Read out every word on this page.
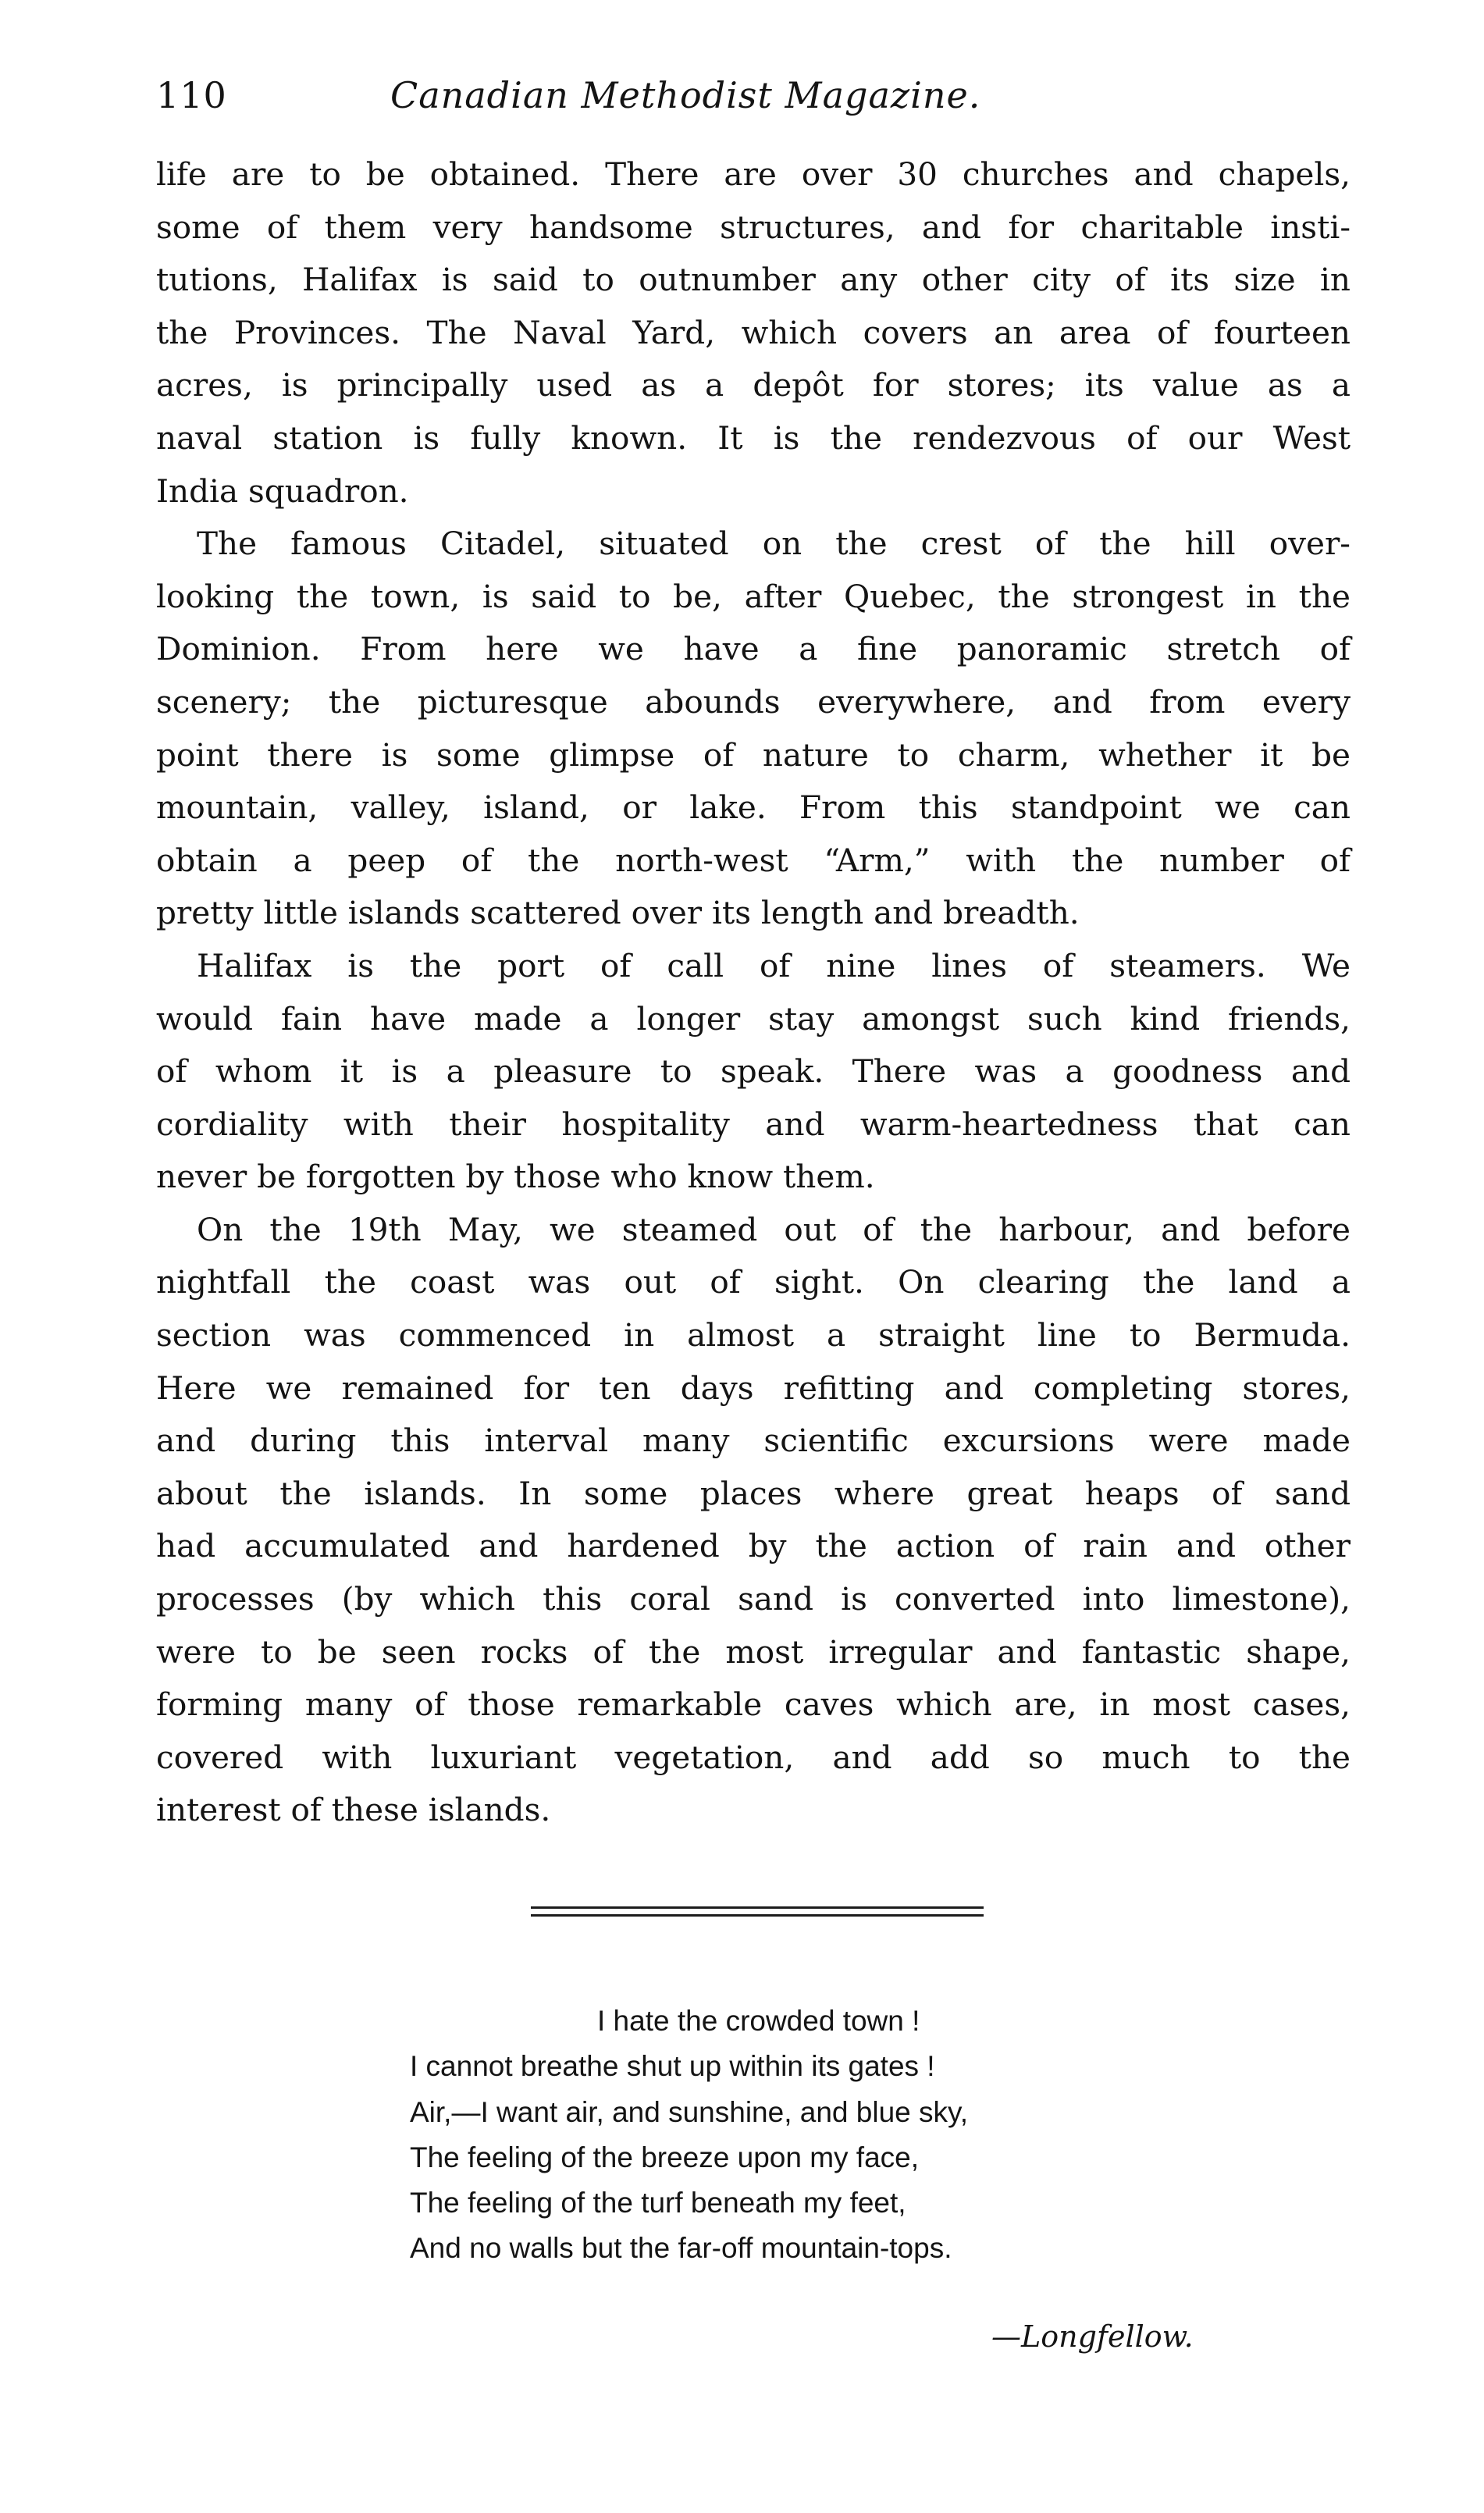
110	Canadian Methodist Magazine.
life are to be obtained. There are over 30 churches and chapels,
some of them very handsome structures, and for charitable insti-
tutions, Halifax is said to outnumber any other city of its size in
the Provinces. The Naval Yard, which covers an area of fourteen
acres, is principally used as a depôt for stores; its value as a
naval station is fully known. It is the rendezvous of our West
India squadron.
The famous Citadel, situated on the crest of the hill over-
looking the town, is said to be, after Quebec, the strongest in the
Dominion. From here we have a fine panoramic stretch of
scenery; the picturesque abounds everywhere, and from every
point there is some glimpse of nature to charm, whether it be
mountain, valley, island, or lake. From this standpoint we can
obtain a peep of the north-west “Arm,” with the number of
pretty little islands scattered over its length and breadth.
Halifax is the port of call of nine lines of steamers. We
would fain have made a longer stay amongst such kind friends,
of whom it is a pleasure to speak. There was a goodness and
cordiality with their hospitality and warm-heartedness that can
never be forgotten by those who know them.
On the 19th May, we steamed out of the harbour, and before
nightfall the coast was out of sight. On clearing the land a
section was commenced in almost a straight line to Bermuda.
Here we remained for ten days refitting and completing stores,
and during this interval many scientific excursions were made
about the islands. In some places where great heaps of sand
had accumulated and hardened by the action of rain and other
processes (by which this coral sand is converted into limestone),
were to be seen rocks of the most irregular and fantastic shape,
forming many of those remarkable caves which are, in most cases,
covered with luxuriant vegetation, and add so much to the
interest of these islands.
I hate the crowded town !
I cannot breathe shut up within its gates !
Air,—I want air, and sunshine, and blue sky,
The feeling of the breeze upon my face,
The feeling of the turf beneath my feet,
And no walls but the far-off mountain-tops.
—Longfellow.
